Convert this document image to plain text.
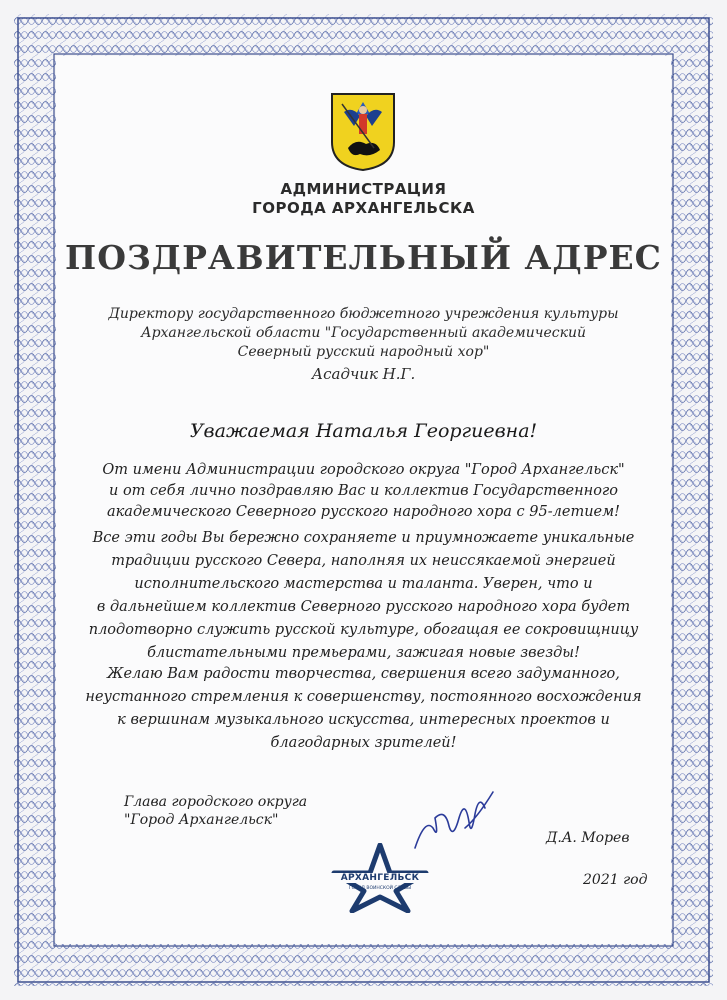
АДМИНИСТРАЦИЯ
ГОРОДА АРХАНГЕЛЬСКА
ПОЗДРАВИТЕЛЬНЫЙ АДРЕС
Директору государственного бюджетного учреждения культуры
Архангельской области "Государственный академический
Северный русский народный хор"
Асадчик Н.Г.
Уважаемая Наталья Георгиевна!
От имени Администрации городского округа "Город Архангельск"
и от себя лично поздравляю Вас и коллектив Государственного
академического Северного русского народного хора с 95-летием!
Все эти годы Вы бережно сохраняете и приумножаете уникальные
традиции русского Севера, наполняя их неиссякаемой энергией
исполнительского мастерства и таланта. Уверен, что и
в дальнейшем коллектив Северного русского народного хора будет
плодотворно служить русской культуре, обогащая ее сокровищницу
блистательными премьерами, зажигая новые звезды!
Желаю Вам радости творчества, свершения всего задуманного,
неустанного стремления к совершенству, постоянного восхождения
к вершинам музыкального искусства, интересных проектов и
благодарных зрителей!
Глава городского округа
"Город Архангельск"
Д.А. Морев
АРХАНГЕЛЬСК
ГОРОД ВОИНСКОЙ СЛАВЫ
2021 год
